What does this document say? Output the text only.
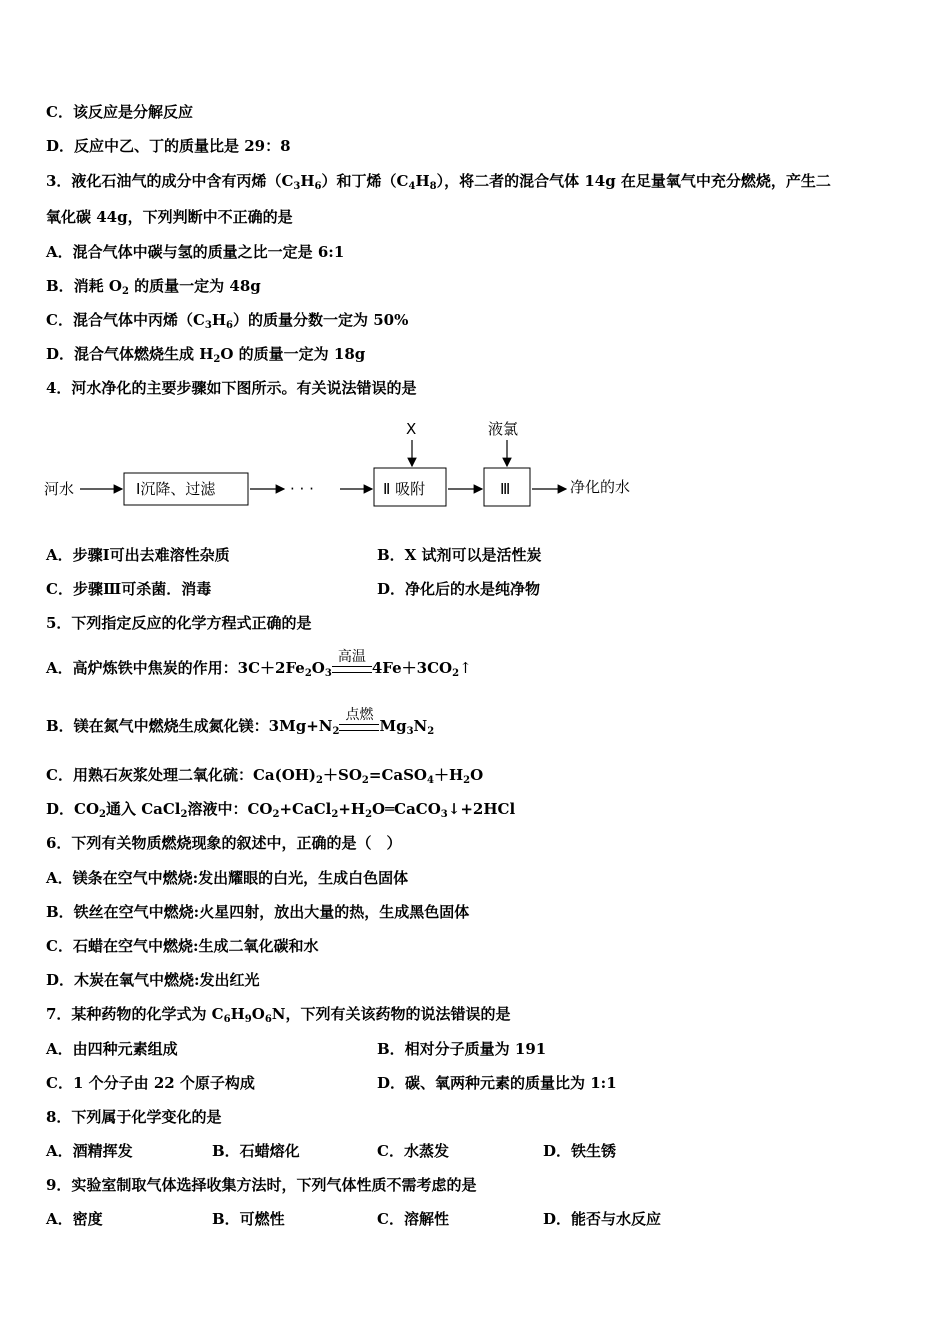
C．该反应是分解反应
D．反应中乙、丁的质量比是 29：8
3．液化石油气的成分中含有丙烯$(C_3H_6)$和丁烯$(C_4H_8)$，将二者的混合气体 14g 在足量氧气中充分燃烧，产生二
氧化碳 44g，下列判断中不正确的是
A．混合气体中碳与氢的质量之比一定是 6:1
B．消耗 $O_2$ 的质量一定为 48g
C．混合气体中丙烯$(C_3H_6)$的质量分数一定为 50%
D．混合气体燃烧生成 $H_2O$ 的质量一定为 18g
4．河水净化的主要步骤如下图所示。有关说法错误的是
河水	Ⅰ沉降、过滤	· · ·	Ⅱ 吸附
X
Ⅲ
液氯
净化的水
A．步骤Ⅰ可出去难溶性杂质	B．X 试剂可以是活性炭
C．步骤Ⅲ可杀菌．消毒	D．净化后的水是纯净物
5．下列指定反应的化学方程式正确的是
A．高炉炼铁中焦炭的作用：$3C+2Fe_2O_3$
高温
$4Fe+3CO_2↑$
B．镁在氮气中燃烧生成氮化镁：$3Mg+N_2$
点燃
$Mg_3N_2$
C．用熟石灰浆处理二氧化硫：$Ca(OH)_2+SO_2=CaSO_4+H_2O$
D．$CO_2$通入 CaCl$_2$溶液中：$CO_2+CaCl_2+H_2O═CaCO_3↓+2HCl$
6．下列有关物质燃烧现象的叙述中，正确的是（　）
A．镁条在空气中燃烧:发出耀眼的白光，生成白色固体
B．铁丝在空气中燃烧:火星四射，放出大量的热，生成黑色固体
C．石蜡在空气中燃烧:生成二氧化碳和水
D．木炭在氧气中燃烧:发出红光
7．某种药物的化学式为 $C_6H_9O_6N$，下列有关该药物的说法错误的是
A．由四种元素组成	B．相对分子质量为 191
C．1 个分子由 22 个原子构成	D．碳、氧两种元素的质量比为 1:1
8．下列属于化学变化的是
A．酒精挥发	B．石蜡熔化	C．水蒸发	D．铁生锈
9．实验室制取气体选择收集方法时，下列气体性质不需考虑的是
A．密度	B．可燃性	C．溶解性	D．能否与水反应
